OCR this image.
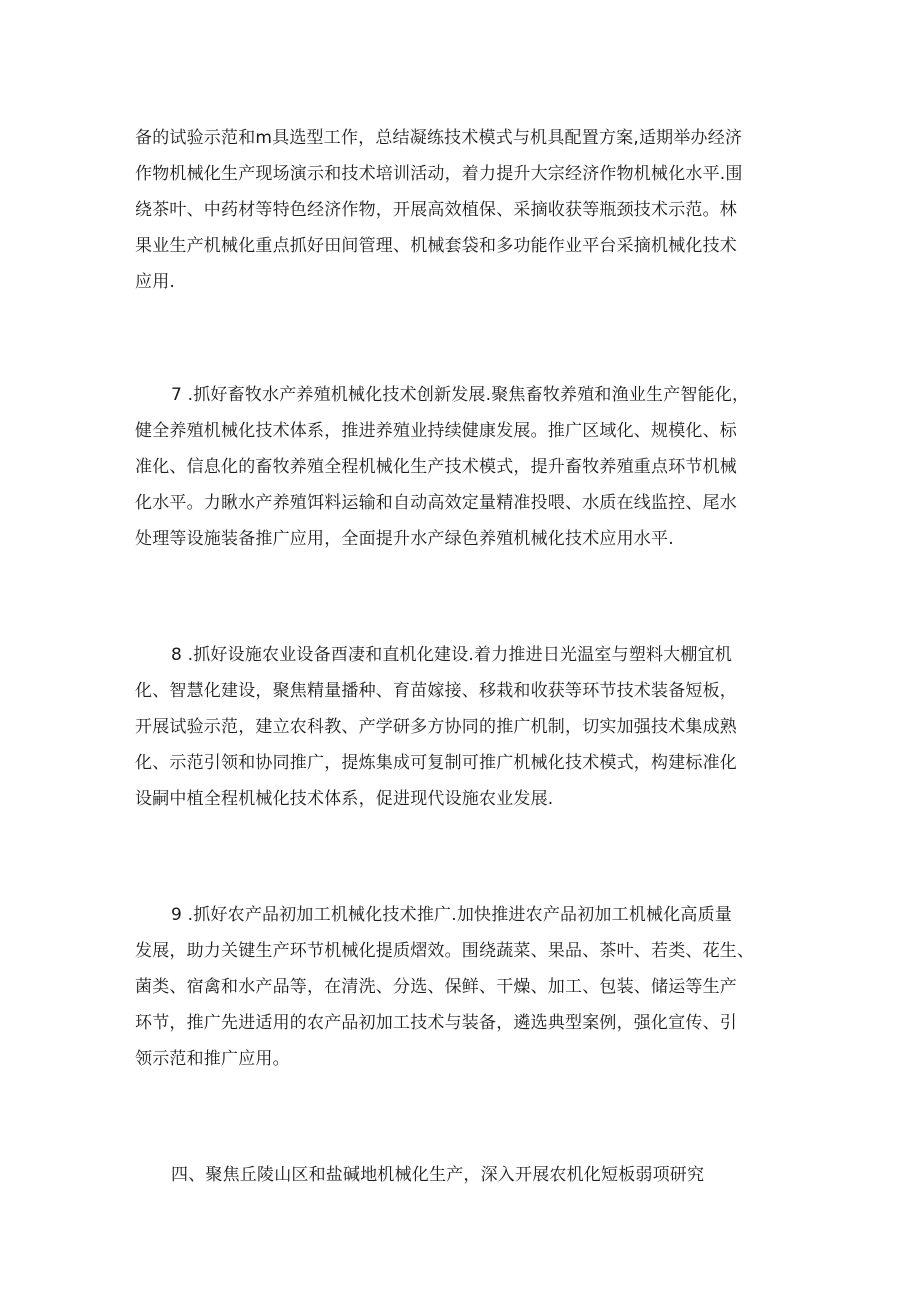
备的试验示范和m具选型工作，总结凝练技术模式与机具配置方案,适期举办经济
作物机械化生产现场演示和技术培训活动，着力提升大宗经济作物机械化水平.围
绕茶叶、中药材等特色经济作物，开展高效植保、采摘收获等瓶颈技术示范。林
果业生产机械化重点抓好田间管理、机械套袋和多功能作业平台采摘机械化技术
应用.
7 .抓好畜牧水产养殖机械化技术创新发展.聚焦畜牧养殖和渔业生产智能化，
健全养殖机械化技术体系，推进养殖业持续健康发展。推广区域化、规模化、标
准化、信息化的畜牧养殖全程机械化生产技术模式，提升畜牧养殖重点环节机械
化水平。力瞅水产养殖饵料运输和自动高效定量精准投喂、水质在线监控、尾水
处理等设施装备推广应用，全面提升水产绿色养殖机械化技术应用水平.
8 .抓好设施农业设备酉凄和直机化建设.着力推进日光温室与塑料大棚宜机
化、智慧化建设，聚焦精量播种、育苗嫁接、移栽和收获等环节技术装备短板，
开展试验示范，建立农科教、产学研多方协同的推广机制，切实加强技术集成熟
化、示范引领和协同推广，提炼集成可复制可推广机械化技术模式，构建标准化
设嗣中植全程机械化技术体系，促进现代设施农业发展.
9 .抓好农产品初加工机械化技术推广.加快推进农产品初加工机械化高质量
发展，助力关键生产环节机械化提质熠效。围绕蔬菜、果品、茶叶、若类、花生、
菌类、宿禽和水产品等，在清洗、分选、保鲜、干燥、加工、包装、储运等生产
环节，推广先进适用的农产品初加工技术与装备，遴选典型案例，强化宣传、引
领示范和推广应用。
四、聚焦丘陵山区和盐碱地机械化生产，深入开展农机化短板弱项研究
